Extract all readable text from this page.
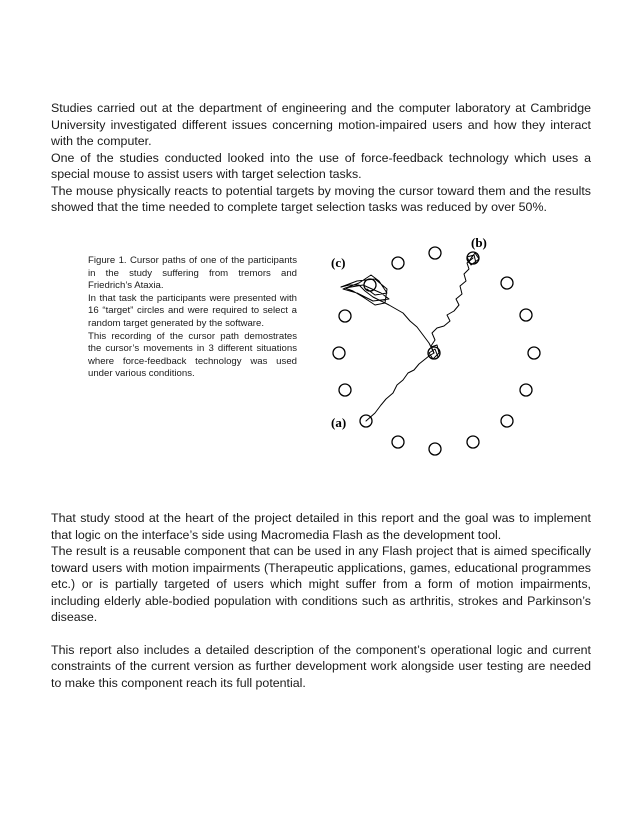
Studies carried out at the department of engineering and the computer laboratory at Cambridge University investigated different issues concerning motion-impaired users and how they interact with the computer.

One of the studies conducted looked into the use of force-feedback technology which uses a special mouse to assist users with target selection tasks.

The mouse physically reacts to potential targets by moving the cursor toward them and the results showed that the time needed to complete target selection tasks was reduced by over 50%.

Figure 1. Cursor paths of one of the participants in the study suffering from tremors and Friedrich’s Ataxia.

In that task the participants were presented with 16 “target” circles and were required to select a random target generated by the software.

This recording of the cursor path demostrates the cursor’s movements in 3 different situations where force-feedback technology was used under various conditions.

(b)
(c)
(a)

That study stood at the heart of the project detailed in this report and the goal was to implement that logic on the interface’s side using Macromedia Flash as the development tool.

The result is a reusable component that can be used in any Flash project that is aimed specifically toward users with motion impairments (Therapeutic applications, games, educational programmes etc.) or is partially targeted of users which might suffer from a form of motion impairments, including elderly able-bodied population with conditions such as arthritis, strokes and Parkinson’s disease.

This report also includes a detailed description of the component’s operational logic and current constraints of the current version as further development work alongside user testing are needed to make this component reach its full potential.
